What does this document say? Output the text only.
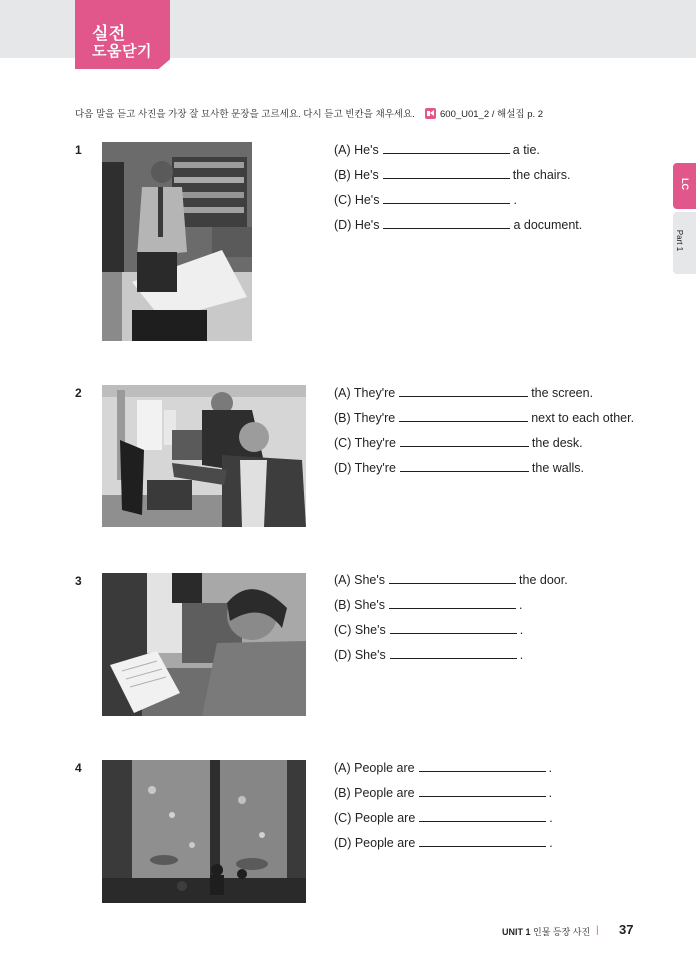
실전
도움닫기
다음 말을 듣고 사진을 가장 잘 묘사한 문장을 고르세요. 다시 듣고 빈칸을 채우세요.	600_U01_2 / 해설집 p. 2
LC
Part 1
1	(A) He's	a tie.
(B) He's	the chairs.
(C) He's	.
(D) He's	a document.
2	(A) They're	the screen.
(B) They're	next to each other.
(C) They're	the desk.
(D) They're	the walls.
3	(A) She's	the door.
(B) She's	.
(C) She's	.
(D) She's	.
4	(A) People are	.
(B) People are	.
(C) People are	.
(D) People are	.
UNIT 1 인물 등장 사진 | 37
